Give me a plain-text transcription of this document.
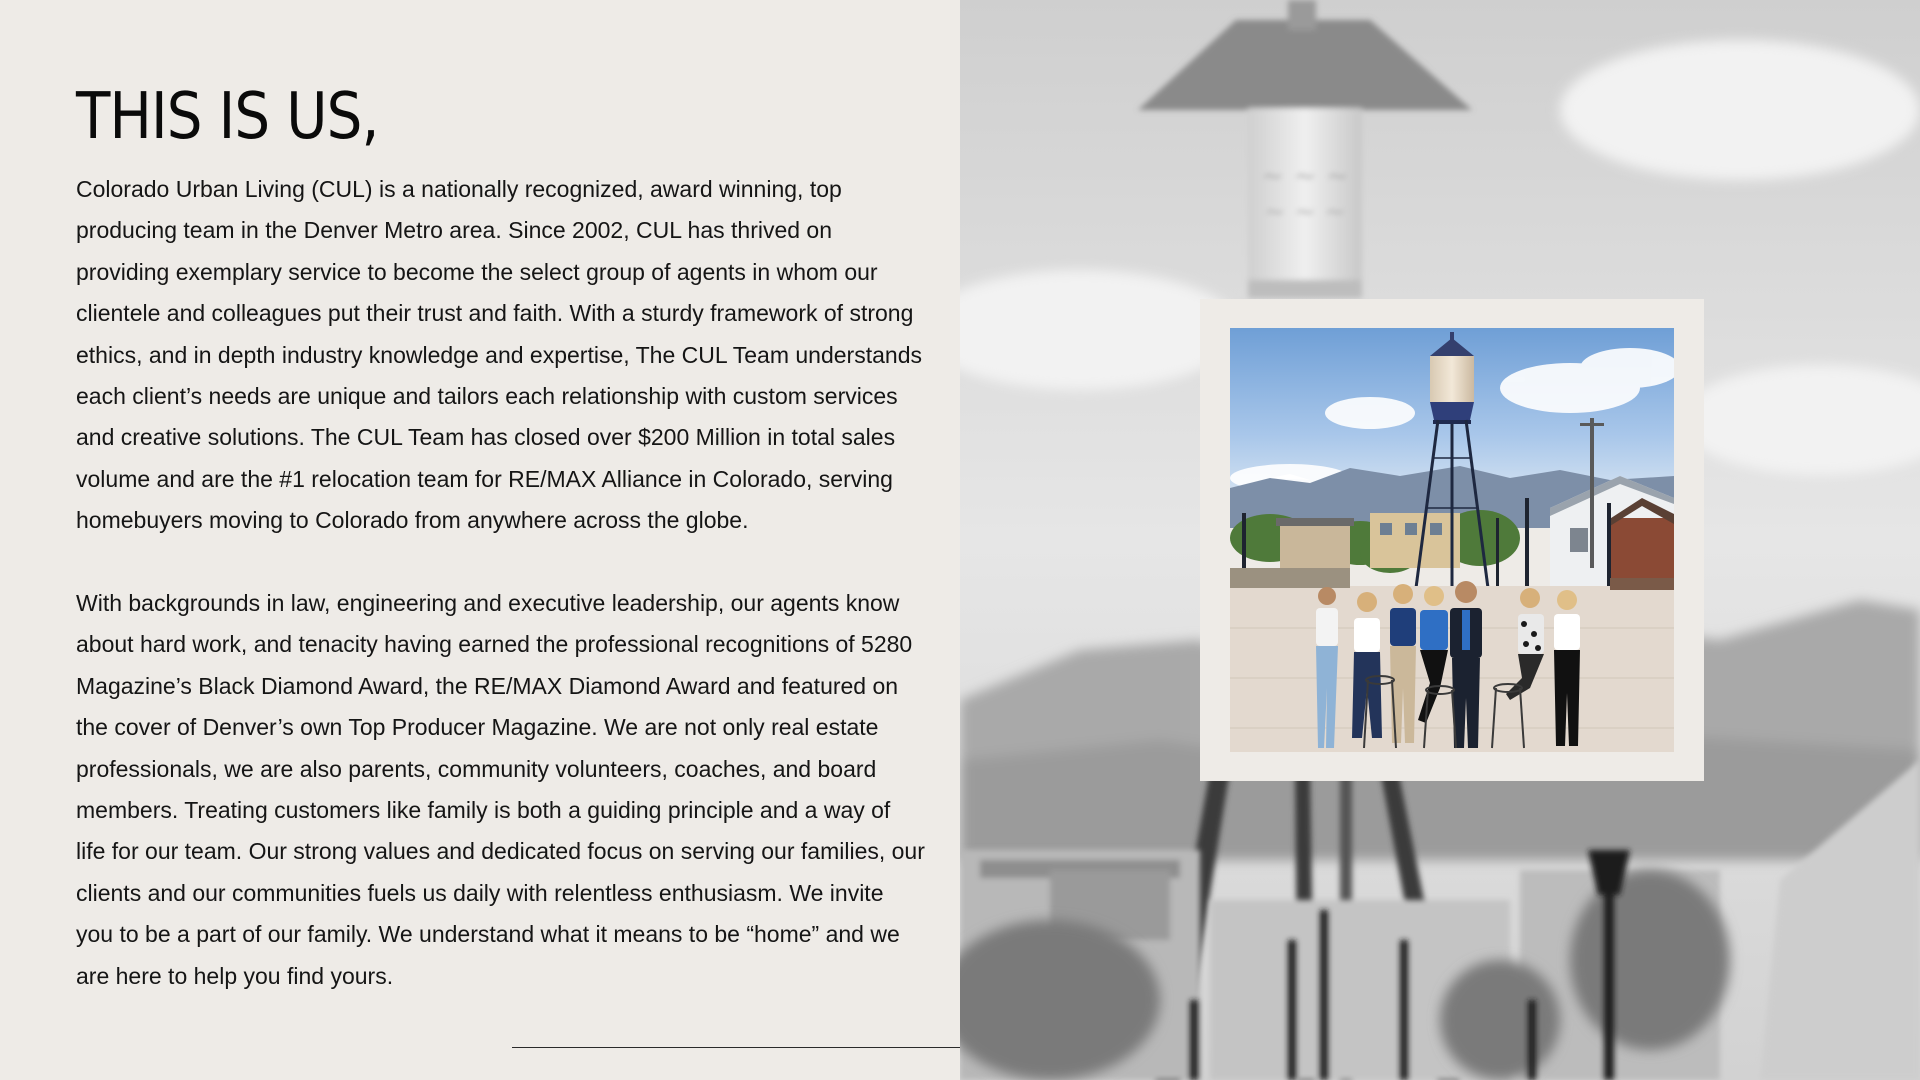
THIS IS US,

Colorado Urban Living (CUL) is a nationally recognized, award winning, top producing team in the Denver Metro area. Since 2002, CUL has thrived on providing exemplary service to become the select group of agents in whom our clientele and colleagues put their trust and faith. With a sturdy framework of strong ethics, and in depth industry knowledge and expertise, The CUL Team understands each client’s needs are unique and tailors each relationship with custom services and creative solutions. The CUL Team has closed over $200 Million in total sales volume and are the #1 relocation team for RE/MAX Alliance in Colorado, serving homebuyers moving to Colorado from anywhere across the globe.

With backgrounds in law, engineering and executive leadership, our agents know about hard work, and tenacity having earned the professional recognitions of 5280 Magazine’s Black Diamond Award, the RE/MAX Diamond Award and featured on the cover of Denver’s own Top Producer Magazine. We are not only real estate professionals, we are also parents, community volunteers, coaches, and board members. Treating customers like family is both a guiding principle and a way of life for our team. Our strong values and dedicated focus on serving our families, our clients and our communities fuels us daily with relentless enthusiasm. We invite you to be a part of our family. We understand what it means to be “home” and we are here to help you find yours.

~ ~ ~
~ ~ ~
